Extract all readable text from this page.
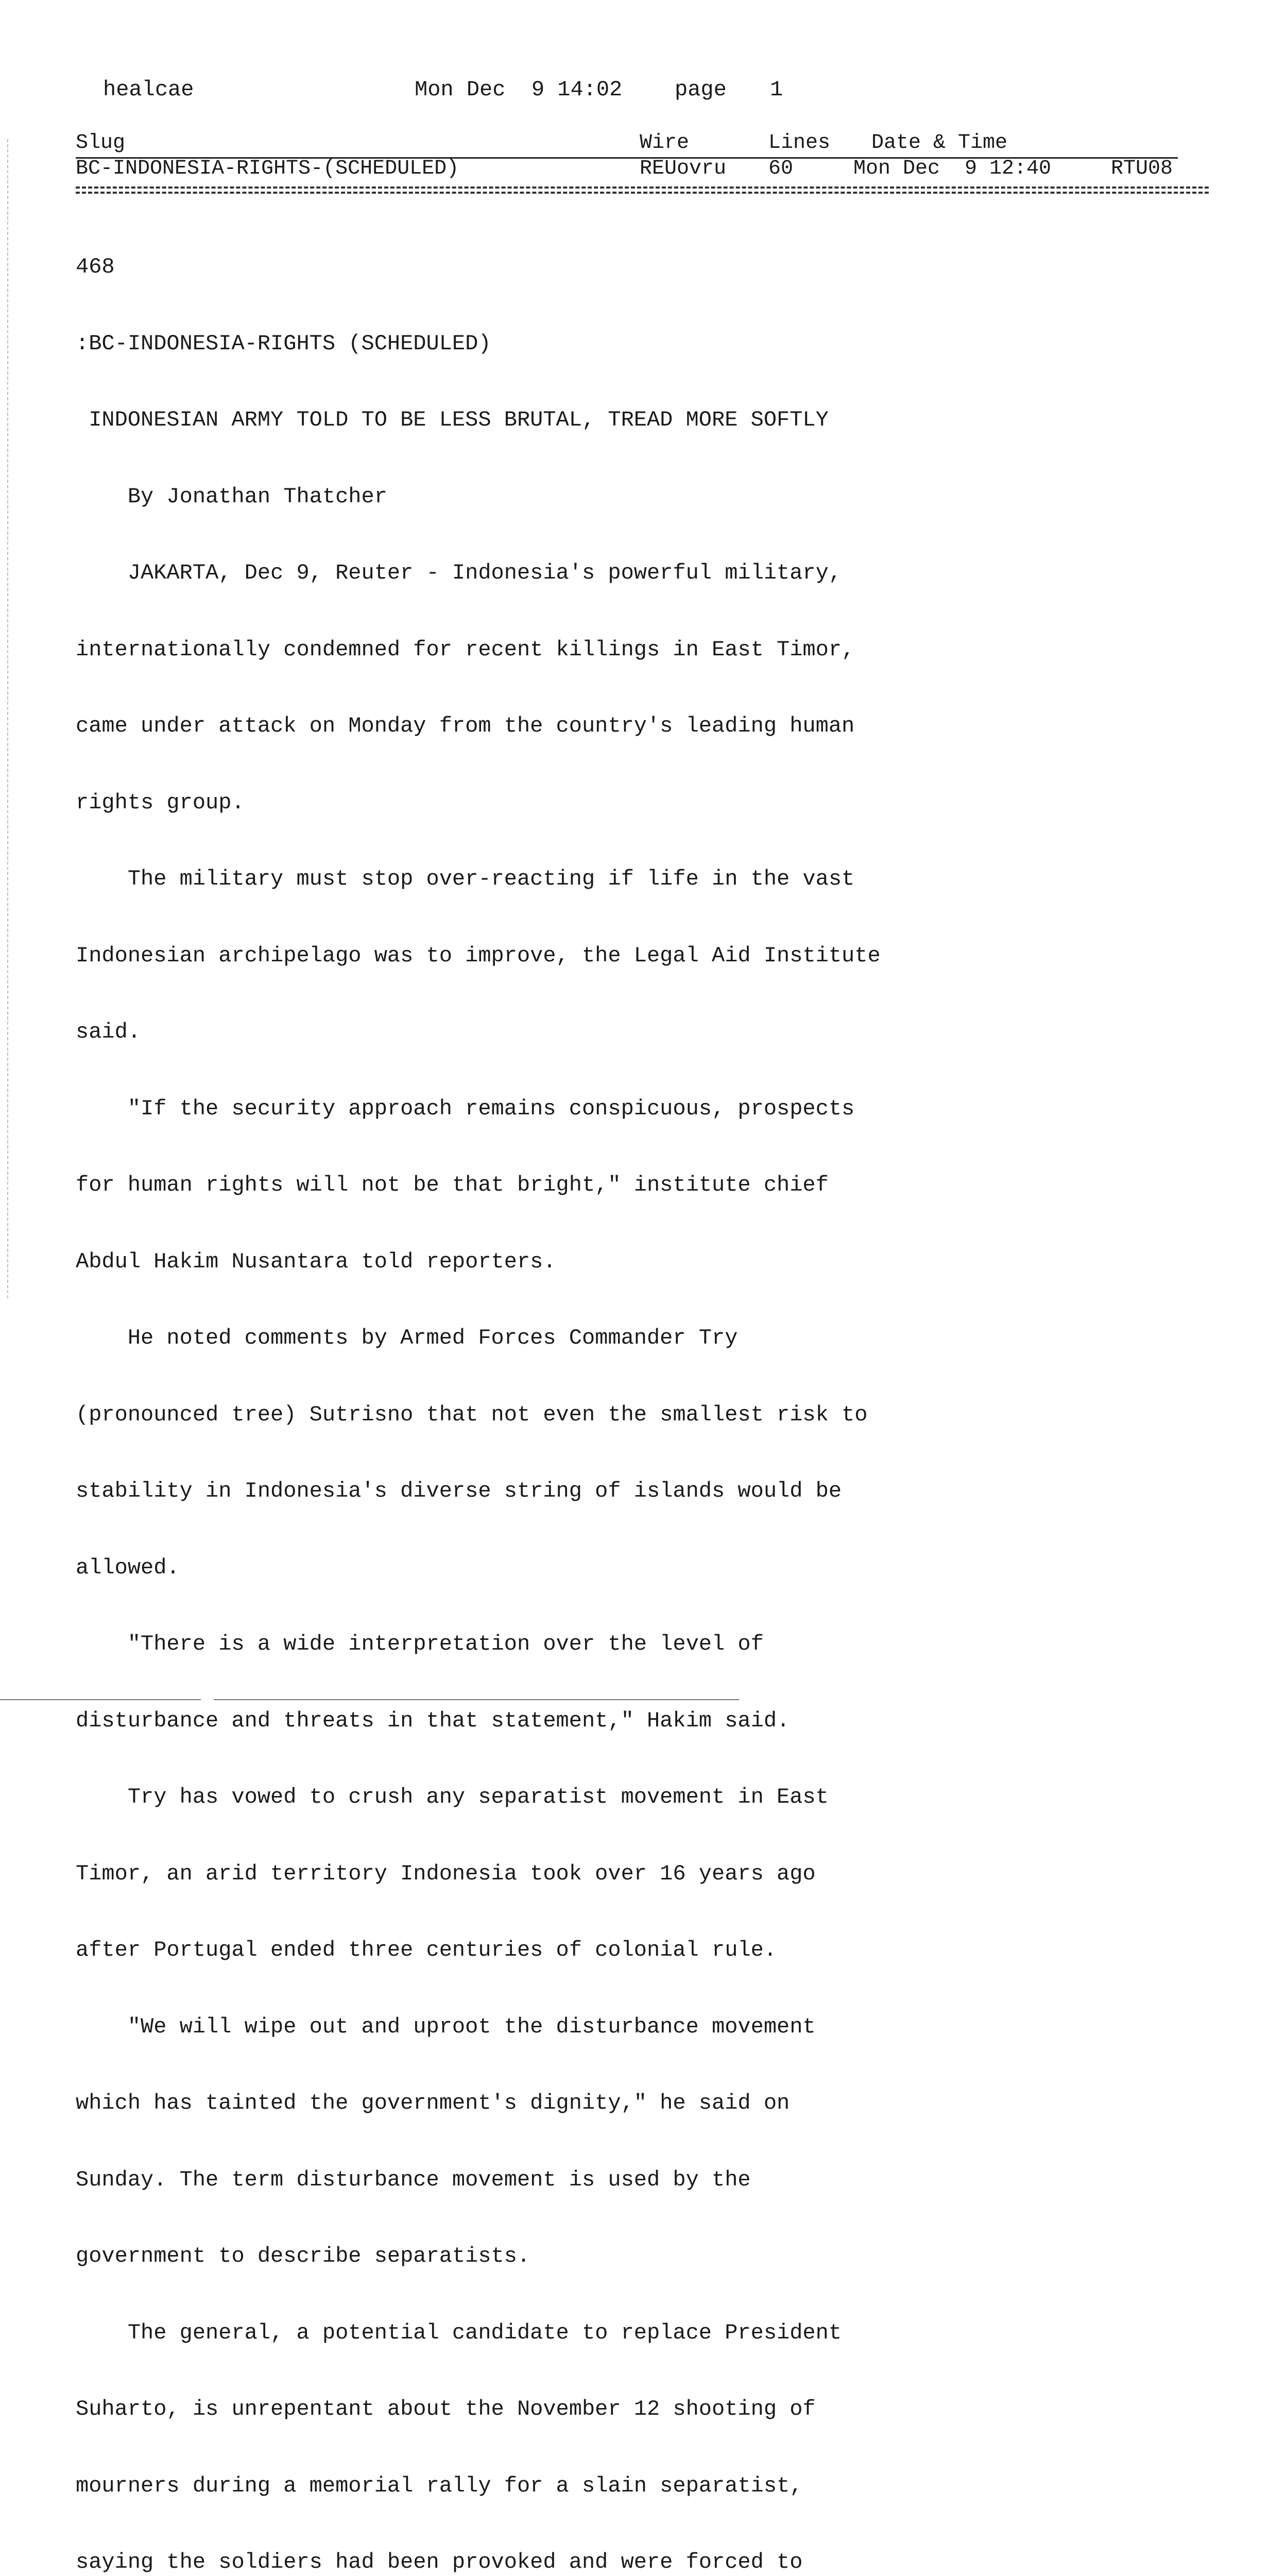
healcae	Mon Dec  9 14:02 page 1
Slug	Wire	Lines Date & Time
BC-INDONESIA-RIGHTS-(SCHEDULED)	REUovru 60	Mon Dec  9 12:40	RTU08

468

:BC-INDONESIA-RIGHTS (SCHEDULED)

INDONESIAN ARMY TOLD TO BE LESS BRUTAL, TREAD MORE SOFTLY

By Jonathan Thatcher

JAKARTA, Dec 9, Reuter - Indonesia's powerful military,

internationally condemned for recent killings in East Timor,

came under attack on Monday from the country's leading human

rights group.

The military must stop over-reacting if life in the vast

Indonesian archipelago was to improve, the Legal Aid Institute

said.

"If the security approach remains conspicuous, prospects

for human rights will not be that bright," institute chief

Abdul Hakim Nusantara told reporters.

He noted comments by Armed Forces Commander Try

(pronounced tree) Sutrisno that not even the smallest risk to

stability in Indonesia's diverse string of islands would be

allowed.

"There is a wide interpretation over the level of

disturbance and threats in that statement," Hakim said.

Try has vowed to crush any separatist movement in East

Timor, an arid territory Indonesia took over 16 years ago

after Portugal ended three centuries of colonial rule.

"We will wipe out and uproot the disturbance movement

which has tainted the government's dignity," he said on

Sunday. The term disturbance movement is used by the

government to describe separatists.

The general, a potential candidate to replace President

Suharto, is unrepentant about the November 12 shooting of

mourners during a memorial rally for a slain separatist,

saying the soldiers had been provoked and were forced to
